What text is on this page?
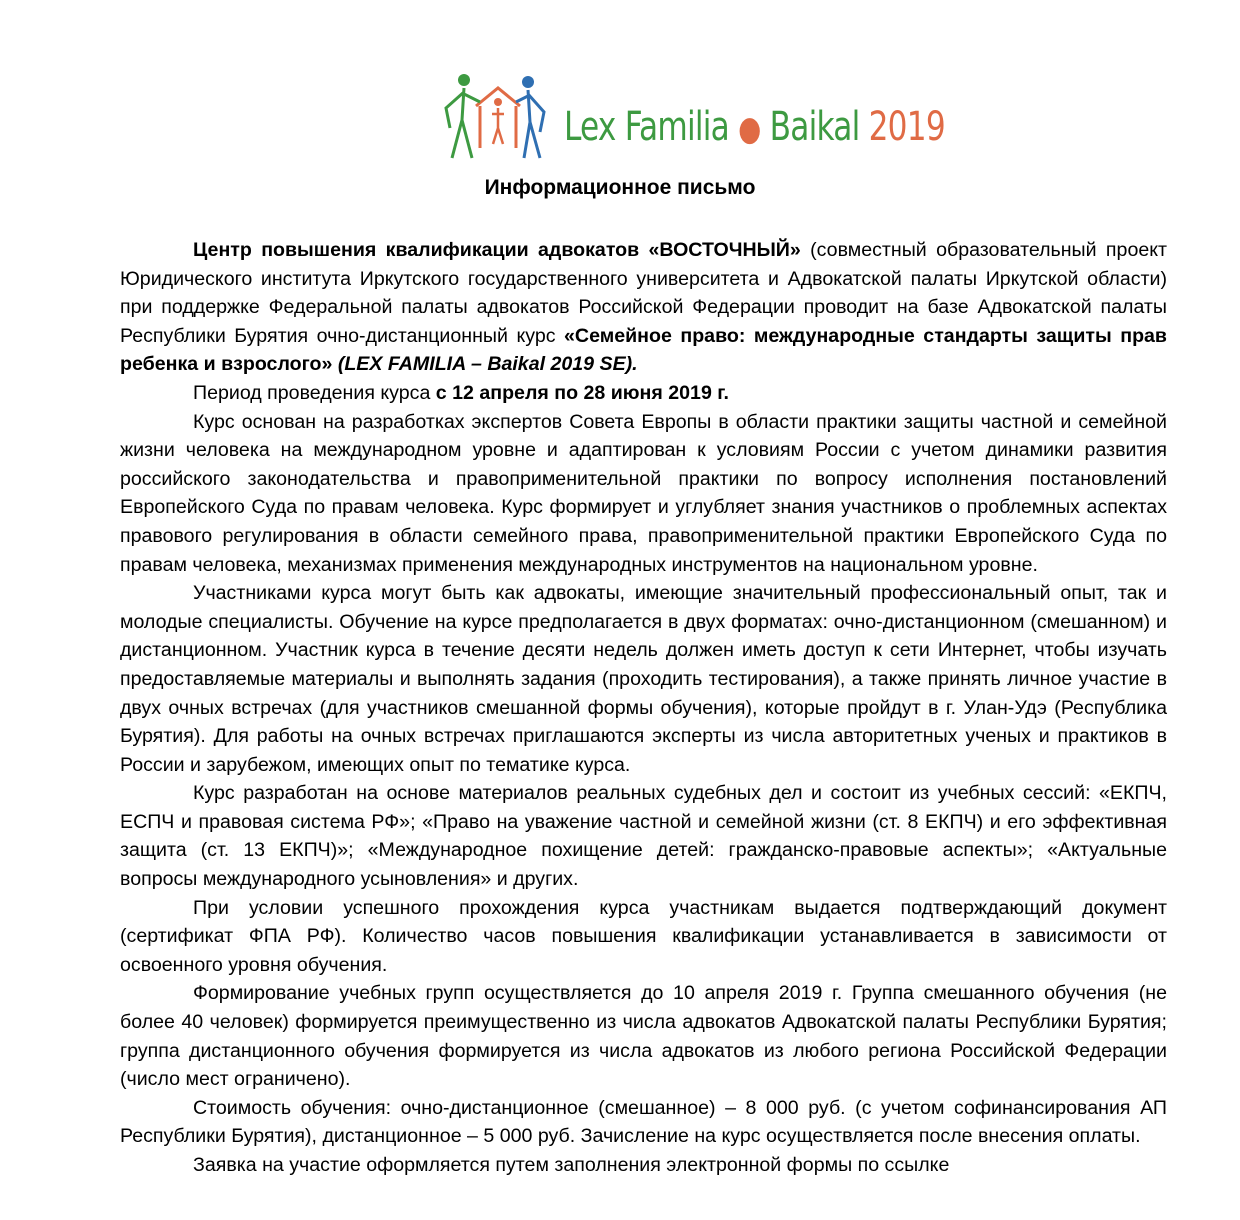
Lex Familia ● Baikal 2019
Информационное письмо

Центр повышения квалификации адвокатов «ВОСТОЧНЫЙ» (совместный образовательный проект Юридического института Иркутского государственного университета и Адвокатской палаты Иркутской области) при поддержке Федеральной палаты адвокатов Российской Федерации проводит на базе Адвокатской палаты Республики Бурятия очно-дистанционный курс «Семейное право: международные стандарты защиты прав ребенка и взрослого» (LEX FAMILIA – Baikal 2019 SE).

Период проведения курса с 12 апреля по 28 июня 2019 г.

Курс основан на разработках экспертов Совета Европы в области практики защиты частной и семейной жизни человека на международном уровне и адаптирован к условиям России с учетом динамики развития российского законодательства и правоприменительной практики по вопросу исполнения постановлений Европейского Суда по правам человека. Курс формирует и углубляет знания участников о проблемных аспектах правового регулирования в области семейного права, правоприменительной практики Европейского Суда по правам человека, механизмах применения международных инструментов на национальном уровне.

Участниками курса могут быть как адвокаты, имеющие значительный профессиональный опыт, так и молодые специалисты. Обучение на курсе предполагается в двух форматах: очно-дистанционном (смешанном) и дистанционном. Участник курса в течение десяти недель должен иметь доступ к сети Интернет, чтобы изучать предоставляемые материалы и выполнять задания (проходить тестирования), а также принять личное участие в двух очных встречах (для участников смешанной формы обучения), которые пройдут в г. Улан-Удэ (Республика Бурятия). Для работы на очных встречах приглашаются эксперты из числа авторитетных ученых и практиков в России и зарубежом, имеющих опыт по тематике курса.

Курс разработан на основе материалов реальных судебных дел и состоит из учебных сессий: «ЕКПЧ, ЕСПЧ и правовая система РФ»; «Право на уважение частной и семейной жизни (ст. 8 ЕКПЧ) и его эффективная защита (ст. 13 ЕКПЧ)»; «Международное похищение детей: гражданско-правовые аспекты»; «Актуальные вопросы международного усыновления» и других.

При условии успешного прохождения курса участникам выдается подтверждающий документ (сертификат ФПА РФ). Количество часов повышения квалификации устанавливается в зависимости от освоенного уровня обучения.

Формирование учебных групп осуществляется до 10 апреля 2019 г. Группа смешанного обучения (не более 40 человек) формируется преимущественно из числа адвокатов Адвокатской палаты Республики Бурятия; группа дистанционного обучения формируется из числа адвокатов из любого региона Российской Федерации (число мест ограничено).

Стоимость обучения: очно-дистанционное (смешанное) – 8 000 руб. (с учетом софинансирования АП Республики Бурятия), дистанционное – 5 000 руб. Зачисление на курс осуществляется после внесения оплаты.

Заявка на участие оформляется путем заполнения электронной формы по ссылке
